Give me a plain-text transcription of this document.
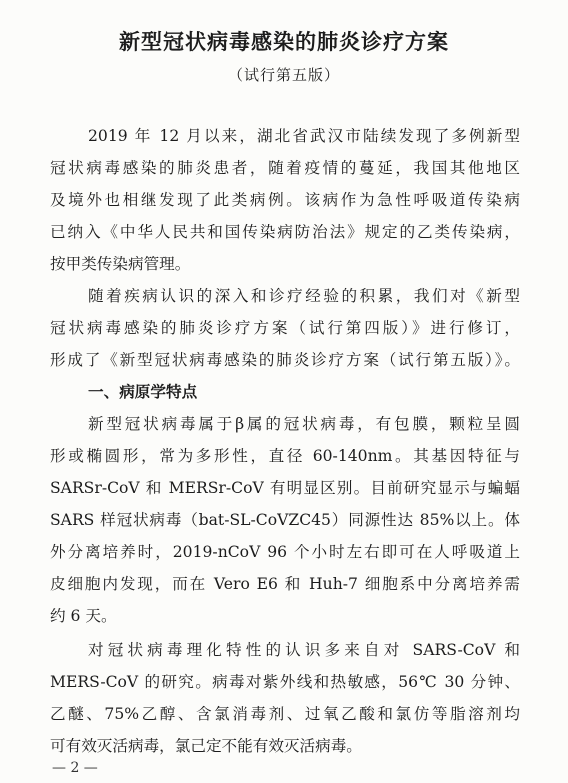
新型冠状病毒感染的肺炎诊疗方案
（试行第五版）
2019 年 12 月以来，湖北省武汉市陆续发现了多例新型
冠状病毒感染的肺炎患者，随着疫情的蔓延，我国其他地区
及境外也相继发现了此类病例。该病作为急性呼吸道传染病
已纳入《中华人民共和国传染病防治法》规定的乙类传染病，
按甲类传染病管理。
随着疾病认识的深入和诊疗经验的积累，我们对《新型
冠状病毒感染的肺炎诊疗方案（试行第四版）》进行修订，
形成了《新型冠状病毒感染的肺炎诊疗方案（试行第五版）》。
一、病原学特点
新型冠状病毒属于β属的冠状病毒，有包膜，颗粒呈圆
形或椭圆形，常为多形性，直径 60-140nm。其基因特征与
SARSr-CoV 和 MERSr-CoV 有明显区别。目前研究显示与蝙蝠
SARS 样冠状病毒（bat-SL-CoVZC45）同源性达 85%以上。体
外分离培养时，2019-nCoV 96 个小时左右即可在人呼吸道上
皮细胞内发现，而在 Vero E6 和 Huh-7 细胞系中分离培养需
约 6 天。
对冠状病毒理化特性的认识多来自对 SARS-CoV 和
MERS-CoV 的研究。病毒对紫外线和热敏感，56℃ 30 分钟、
乙醚、75%乙醇、含氯消毒剂、过氧乙酸和氯仿等脂溶剂均
可有效灭活病毒，氯己定不能有效灭活病毒。
— 2 —
